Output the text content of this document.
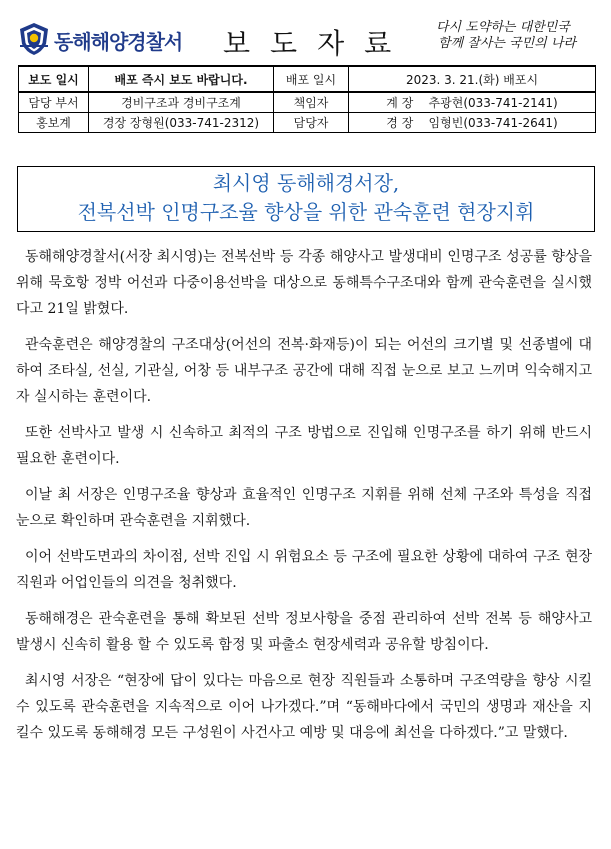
동해해양경찰서 보도자료	다시 도약하는 대한민국
함께 잘사는 국민의 나라
보도 일시	배포 즉시 보도 바랍니다.	배포 일시	2023. 3. 21.(화) 배포시
담당 부서	경비구조과 경비구조계	책임자	계 장    추광현(033-741-2141)
홍보계	경장 장형원(033-741-2312)	담당자	경 장    임형빈(033-741-2641)
최시영 동해해경서장,
전복선박 인명구조율 향상을 위한 관숙훈련 현장지휘

동해해양경찰서(서장 최시영)는 전복선박 등 각종 해양사고 발생대비 인명구조 성공률 향상을 위해 묵호항 정박 어선과 다중이용선박을 대상으로 동해특수구조대와 함께 관숙훈련을 실시했다고 21일 밝혔다.

관숙훈련은 해양경찰의 구조대상(어선의 전복·화재등)이 되는 어선의 크기별 및 선종별에 대하여 조타실, 선실, 기관실, 어창 등 내부구조 공간에 대해 직접 눈으로 보고 느끼며 익숙해지고자 실시하는 훈련이다.

또한 선박사고 발생 시 신속하고 최적의 구조 방법으로 진입해 인명구조를 하기 위해 반드시 필요한 훈련이다.

이날 최 서장은 인명구조율 향상과 효율적인 인명구조 지휘를 위해 선체 구조와 특성을 직접 눈으로 확인하며 관숙훈련을 지휘했다.

이어 선박도면과의 차이점, 선박 진입 시 위험요소 등 구조에 필요한 상황에 대하여 구조 현장직원과 어업인들의 의견을 청취했다.

동해해경은 관숙훈련을 통해 확보된 선박 정보사항을 중점 관리하여 선박 전복 등 해양사고 발생시 신속히 활용 할 수 있도록 함정 및 파출소 현장세력과 공유할 방침이다.

최시영 서장은 “현장에 답이 있다는 마음으로 현장 직원들과 소통하며 구조역량을 향상 시킬 수 있도록 관숙훈련을 지속적으로 이어 나가겠다.”며 “동해바다에서 국민의 생명과 재산을 지킬수 있도록 동해해경 모든 구성원이 사건사고 예방 및 대응에 최선을 다하겠다.”고 말했다.
